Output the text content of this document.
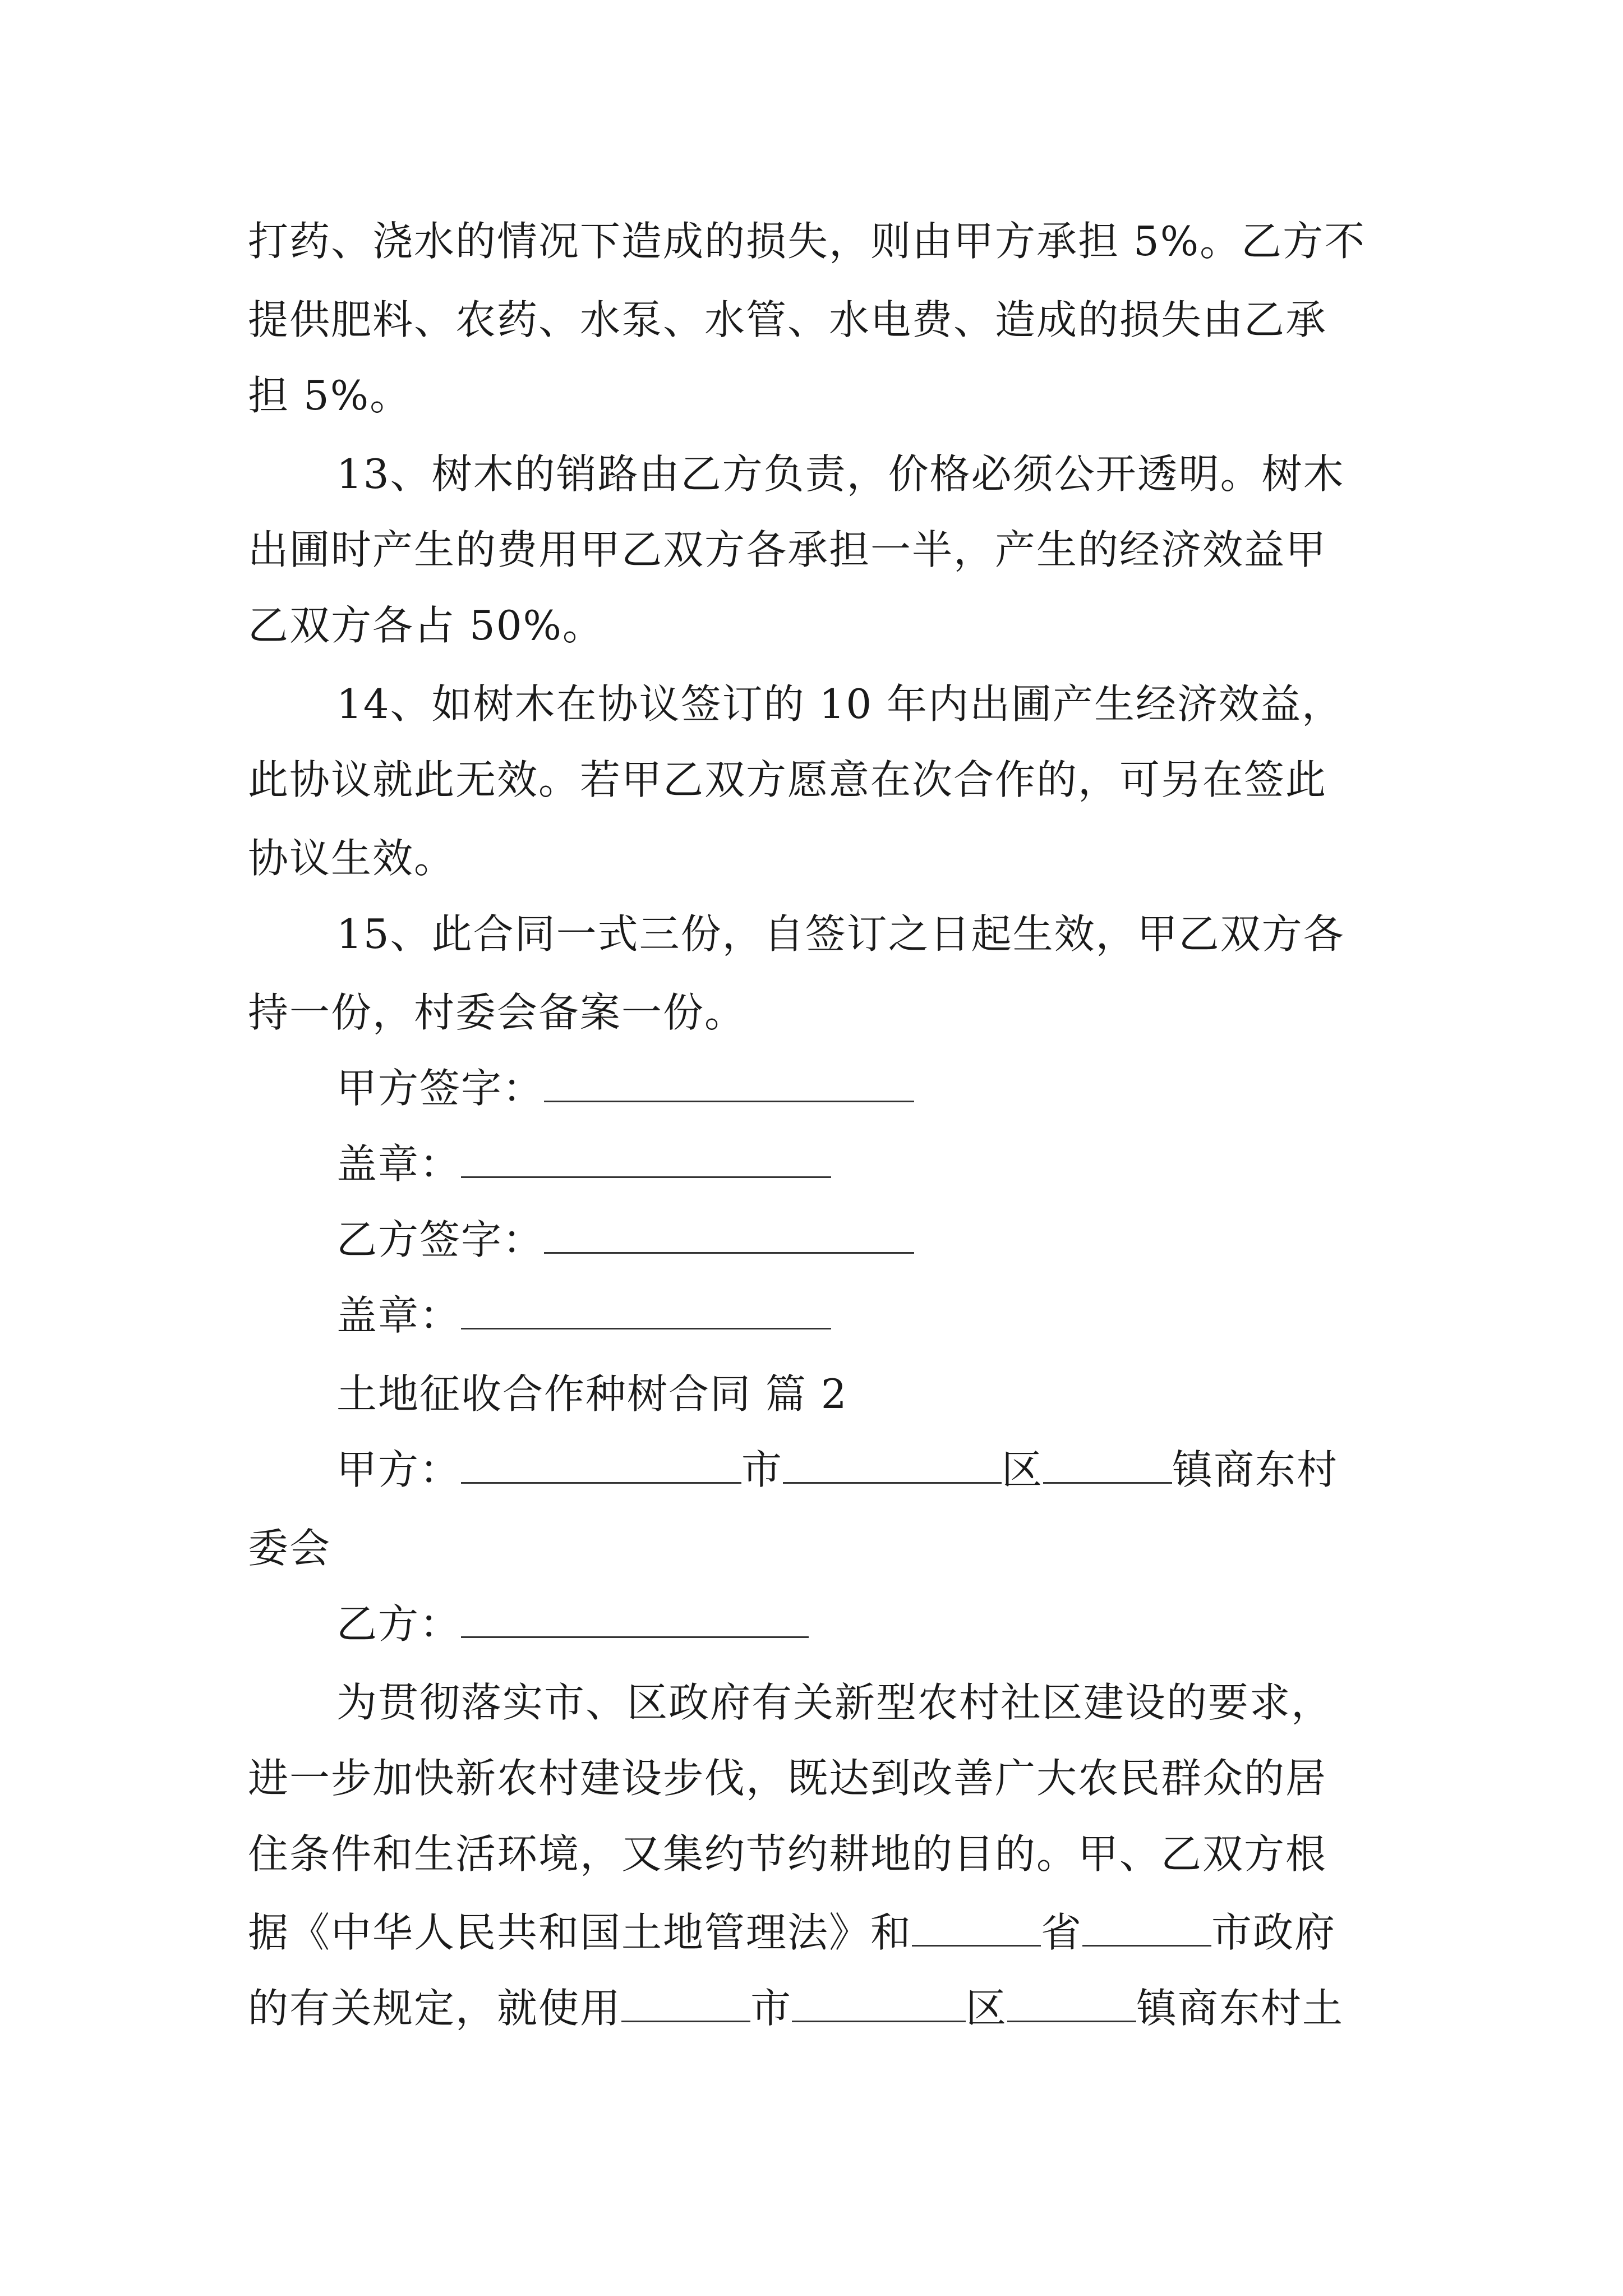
打药、浇水的情况下造成的损失，则由甲方承担 5%。乙方不
提供肥料、农药、水泵、水管、水电费、造成的损失由乙承
担 5%。
13、树木的销路由乙方负责，价格必须公开透明。树木
出圃时产生的费用甲乙双方各承担一半，产生的经济效益甲
乙双方各占 50%。
14、如树木在协议签订的 10 年内出圃产生经济效益，
此协议就此无效。若甲乙双方愿意在次合作的，可另在签此
协议生效。
15、此合同一式三份，自签订之日起生效，甲乙双方各
持一份，村委会备案一份。
甲方签字：
盖章：
乙方签字：
盖章：
土地征收合作种树合同 篇 2
甲方：	市	区	镇商东村
委会
乙方：
为贯彻落实市、区政府有关新型农村社区建设的要求，
进一步加快新农村建设步伐，既达到改善广大农民群众的居
住条件和生活环境，又集约节约耕地的目的。甲、乙双方根
据《中华人民共和国土地管理法》和	省	市政府
的有关规定，就使用	市	区	镇商东村土
